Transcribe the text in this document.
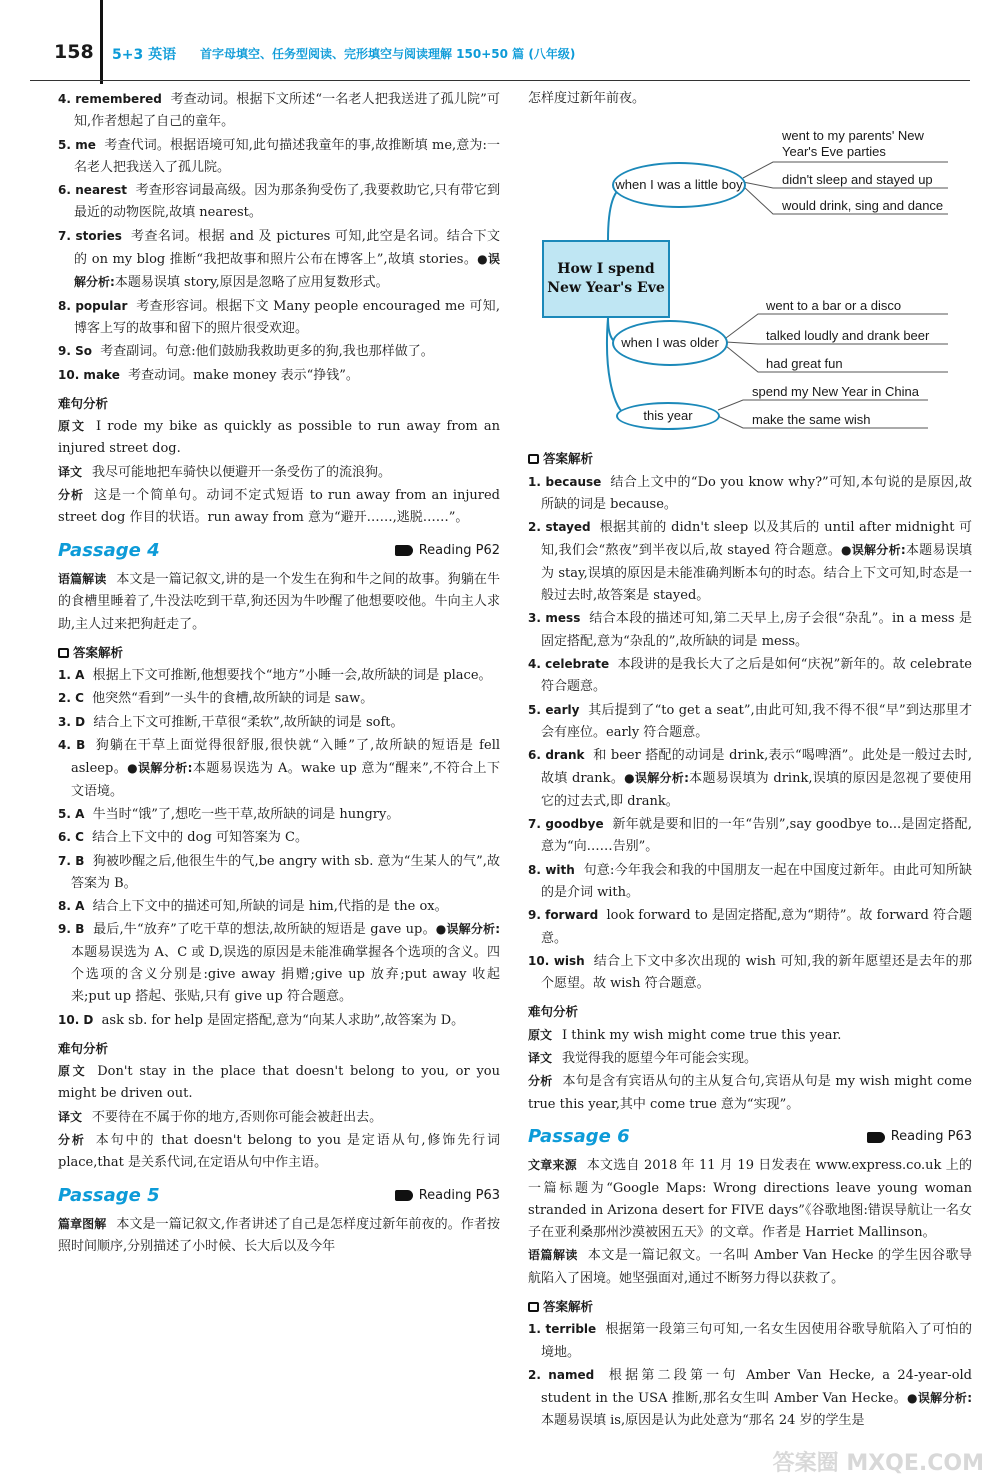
158 5+3 英语 首字母填空、任务型阅读、完形填空与阅读理解 150+50 篇 (八年级)
4. remembered 考查动词。根据下文所述“一名老人把我送进了孤儿院”可知,作者想起了自己的童年。
5. me 考查代词。根据语境可知,此句描述我童年的事,故推断填 me,意为:一名老人把我送入了孤儿院。
6. nearest 考查形容词最高级。因为那条狗受伤了,我要救助它,只有带它到最近的动物医院,故填 nearest。
7. stories 考查名词。根据 and 及 pictures 可知,此空是名词。结合下文的 on my blog 推断“我把故事和照片公布在博客上”,故填 stories。●误解分析:本题易误填 story,原因是忽略了应用复数形式。
8. popular 考查形容词。根据下文 Many people encouraged me 可知,博客上写的故事和留下的照片很受欢迎。
9. So 考查副词。句意:他们鼓励我救助更多的狗,我也那样做了。
10. make 考查动词。make money 表示“挣钱”。
难句分析
原文 I rode my bike as quickly as possible to run away from an injured street dog.
译文 我尽可能地把车骑快以便避开一条受伤了的流浪狗。
分析 这是一个简单句。动词不定式短语 to run away from an injured street dog 作目的状语。run away from 意为“避开……,逃脱……”。
Passage 4	Reading P62
语篇解读 本文是一篇记叙文,讲的是一个发生在狗和牛之间的故事。狗躺在牛的食槽里睡着了,牛没法吃到干草,狗还因为牛吵醒了他想要咬他。牛向主人求助,主人过来把狗赶走了。
答案解析
1. A 根据上下文可推断,他想要找个“地方”小睡一会,故所缺的词是 place。
2. C 他突然“看到”一头牛的食槽,故所缺的词是 saw。
3. D 结合上下文可推断,干草很“柔软”,故所缺的词是 soft。
4. B 狗躺在干草上面觉得很舒服,很快就“入睡”了,故所缺的短语是 fell asleep。●误解分析:本题易误选为 A。wake up 意为“醒来”,不符合上下文语境。
5. A 牛当时“饿”了,想吃一些干草,故所缺的词是 hungry。
6. C 结合上下文中的 dog 可知答案为 C。
7. B 狗被吵醒之后,他很生牛的气,be angry with sb. 意为“生某人的气”,故答案为 B。
8. A 结合上下文中的描述可知,所缺的词是 him,代指的是 the ox。
9. B 最后,牛“放弃”了吃干草的想法,故所缺的短语是 gave up。●误解分析:本题易误选为 A、C 或 D,误选的原因是未能准确掌握各个选项的含义。四个选项的含义分别是:give away 捐赠;give up 放弃;put away 收起来;put up 搭起、张贴,只有 give up 符合题意。
10. D ask sb. for help 是固定搭配,意为“向某人求助”,故答案为 D。
难句分析
原文 Don't stay in the place that doesn't belong to you, or you might be driven out.
译文 不要待在不属于你的地方,否则你可能会被赶出去。
分析 本句中的 that doesn't belong to you 是定语从句,修饰先行词 place,that 是关系代词,在定语从句中作主语。
Passage 5	Reading P63
篇章图解 本文是一篇记叙文,作者讲述了自己是怎样度过新年前夜的。作者按照时间顺序,分别描述了小时候、长大后以及今年
怎样度过新年前夜。
How I spend New Year's Eve
when I was a little boy
when I was older
this year
went to my parents' New Year's Eve parties
didn't sleep and stayed up
would drink, sing and dance
went to a bar or a disco
talked loudly and drank beer
had great fun
spend my New Year in China
make the same wish
答案解析
1. because 结合上文中的“Do you know why?”可知,本句说的是原因,故所缺的词是 because。
2. stayed 根据其前的 didn't sleep 以及其后的 until after midnight 可知,我们会“熬夜”到半夜以后,故 stayed 符合题意。●误解分析:本题易误填为 stay,误填的原因是未能准确判断本句的时态。结合上下文可知,时态是一般过去时,故答案是 stayed。
3. mess 结合本段的描述可知,第二天早上,房子会很“杂乱”。in a mess 是固定搭配,意为“杂乱的”,故所缺的词是 mess。
4. celebrate 本段讲的是我长大了之后是如何“庆祝”新年的。故 celebrate 符合题意。
5. early 其后提到了“to get a seat”,由此可知,我不得不很“早”到达那里才会有座位。early 符合题意。
6. drank 和 beer 搭配的动词是 drink,表示“喝啤酒”。此处是一般过去时,故填 drank。●误解分析:本题易误填为 drink,误填的原因是忽视了要使用它的过去式,即 drank。
7. goodbye 新年就是要和旧的一年“告别”,say goodbye to...是固定搭配,意为“向……告别”。
8. with 句意:今年我会和我的中国朋友一起在中国度过新年。由此可知所缺的是介词 with。
9. forward look forward to 是固定搭配,意为“期待”。故 forward 符合题意。
10. wish 结合上下文中多次出现的 wish 可知,我的新年愿望还是去年的那个愿望。故 wish 符合题意。
难句分析
原文 I think my wish might come true this year.
译文 我觉得我的愿望今年可能会实现。
分析 本句是含有宾语从句的主从复合句,宾语从句是 my wish might come true this year,其中 come true 意为“实现”。
Passage 6	Reading P63
文章来源 本文选自 2018 年 11 月 19 日发表在 www.express.co.uk 上的一篇标题为“Google Maps: Wrong directions leave young woman stranded in Arizona desert for FIVE days”《谷歌地图:错误导航让一名女子在亚利桑那州沙漠被困五天》的文章。作者是 Harriet Mallinson。
语篇解读 本文是一篇记叙文。一名叫 Amber Van Hecke 的学生因谷歌导航陷入了困境。她坚强面对,通过不断努力得以获救了。
答案解析
1. terrible 根据第一段第三句可知,一名女生因使用谷歌导航陷入了可怕的境地。
2. named 根据第二段第一句 Amber Van Hecke, a 24-year-old student in the USA 推断,那名女生叫 Amber Van Hecke。●误解分析:本题易误填 is,原因是认为此处意为“那名 24 岁的学生是
答案圈 MXQE.COM
